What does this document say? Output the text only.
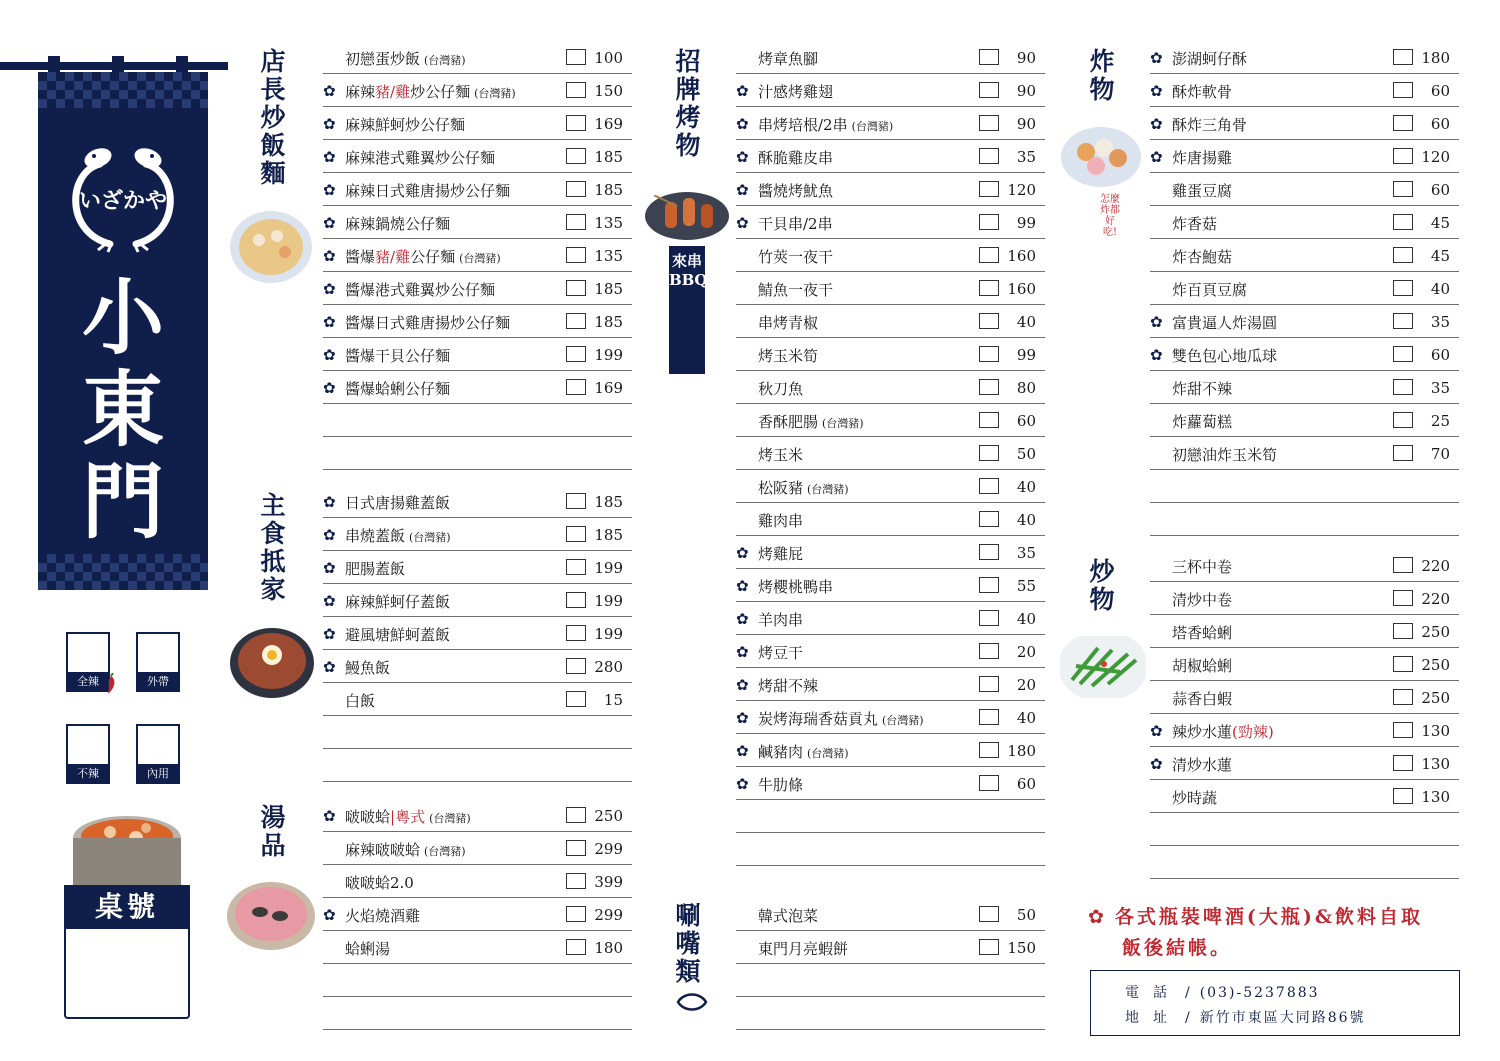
いざかや
小東門
全辣	外帶
不辣	內用
桌號
店長炒飯麵
主食抵家
湯品
招牌烤物
唰嘴類
炸物
炒物
來串BBQ!
怎麼炸都好吃!
初戀蛋炒飯 (台灣豬)	100
✿ 麻辣豬/雞炒公仔麵 (台灣豬)	150
✿ 麻辣鮮蚵炒公仔麵	169
✿ 麻辣港式雞翼炒公仔麵	185
✿ 麻辣日式雞唐揚炒公仔麵	185
✿ 麻辣鍋燒公仔麵	135
✿ 醬爆豬/雞公仔麵 (台灣豬)	135
✿ 醬爆港式雞翼炒公仔麵	185
✿ 醬爆日式雞唐揚炒公仔麵	185
✿ 醬爆干貝公仔麵	199
✿ 醬爆蛤蜊公仔麵	169
✿ 日式唐揚雞蓋飯	185
✿ 串燒蓋飯 (台灣豬)	185
✿ 肥腸蓋飯	199
✿ 麻辣鮮蚵仔蓋飯	199
✿ 避風塘鮮蚵蓋飯	199
✿ 鰻魚飯	280
白飯	15
✿ 啵啵蛤|粵式 (台灣豬)	250
麻辣啵啵蛤 (台灣豬)	299
啵啵蛤2.0	399
✿ 火焰燒酒雞	299
蛤蜊湯	180
烤章魚腳	90
✿ 汁感烤雞翅	90
✿ 串烤培根/2串 (台灣豬)	90
✿ 酥脆雞皮串	35
✿ 醬燒烤魷魚	120
✿ 干貝串/2串	99
竹莢一夜干	160
鯖魚一夜干	160
串烤青椒	40
烤玉米筍	99
秋刀魚	80
香酥肥腸 (台灣豬)	60
烤玉米	50
松阪豬 (台灣豬)	40
雞肉串	40
✿ 烤雞屁	35
✿ 烤櫻桃鴨串	55
✿ 羊肉串	40
✿ 烤豆干	20
✿ 烤甜不辣	20
✿ 炭烤海瑞香菇貢丸 (台灣豬)	40
✿ 鹹豬肉 (台灣豬)	180
✿ 牛肋條	60
韓式泡菜	50
東門月亮蝦餅	150
✿ 澎湖蚵仔酥	180
✿ 酥炸軟骨	60
✿ 酥炸三角骨	60
✿ 炸唐揚雞	120
雞蛋豆腐	60
炸香菇	45
炸杏鮑菇	45
炸百頁豆腐	40
✿ 富貴逼人炸湯圓	35
✿ 雙色包心地瓜球	60
炸甜不辣	35
炸蘿蔔糕	25
初戀油炸玉米筍	70
三杯中卷	220
清炒中卷	220
塔香蛤蜊	250
胡椒蛤蜊	250
蒜香白蝦	250
✿ 辣炒水蓮(勁辣)	130
✿ 清炒水蓮	130
炒時蔬	130
✿ 各式瓶裝啤酒(大瓶)&飲料自取
飯後結帳。
電話 / (03)-5237883
地址 / 新竹市東區大同路86號
